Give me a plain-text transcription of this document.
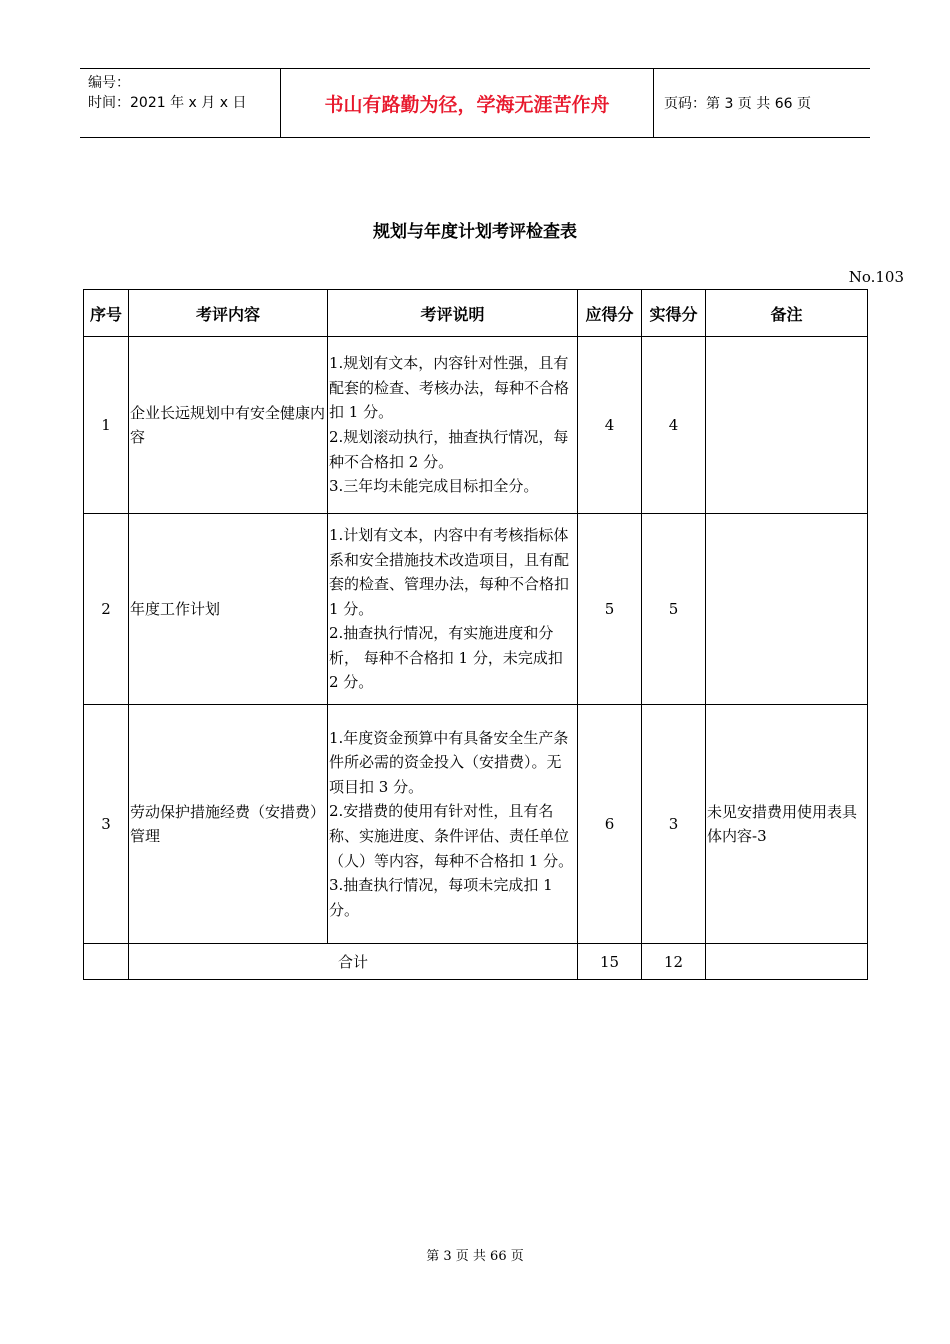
编号：
时间：2021 年 x 月 x 日	书山有路勤为径，学海无涯苦作舟	页码：第 3 页 共 66 页
规划与年度计划考评检查表
No.103
序号	考评内容	考评说明	应得分	实得分	备注
1	企业长远规划中有安全健康内容	1.规划有文本，内容针对性强，且有配套的检查、考核办法，每种不合格扣 1 分。
2.规划滚动执行，抽查执行情况，每种不合格扣 2 分。
3.三年均未能完成目标扣全分。	4	4	
2	年度工作计划	1.计划有文本，内容中有考核指标体系和安全措施技术改造项目，且有配套的检查、管理办法，每种不合格扣 1 分。
2.抽查执行情况，有实施进度和分析， 每种不合格扣 1 分，未完成扣 2 分。	5	5	
3	劳动保护措施经费（安措费）管理	1.年度资金预算中有具备安全生产条件所必需的资金投入（安措费）。无项目扣 3 分。
2.安措费的使用有针对性，且有名称、实施进度、条件评估、责任单位（人）等内容，每种不合格扣 1 分。
3.抽查执行情况，每项未完成扣 1 分。	6	3	未见安措费用使用表具体内容-3
	合计		15	12	
第 3 页 共 66 页
